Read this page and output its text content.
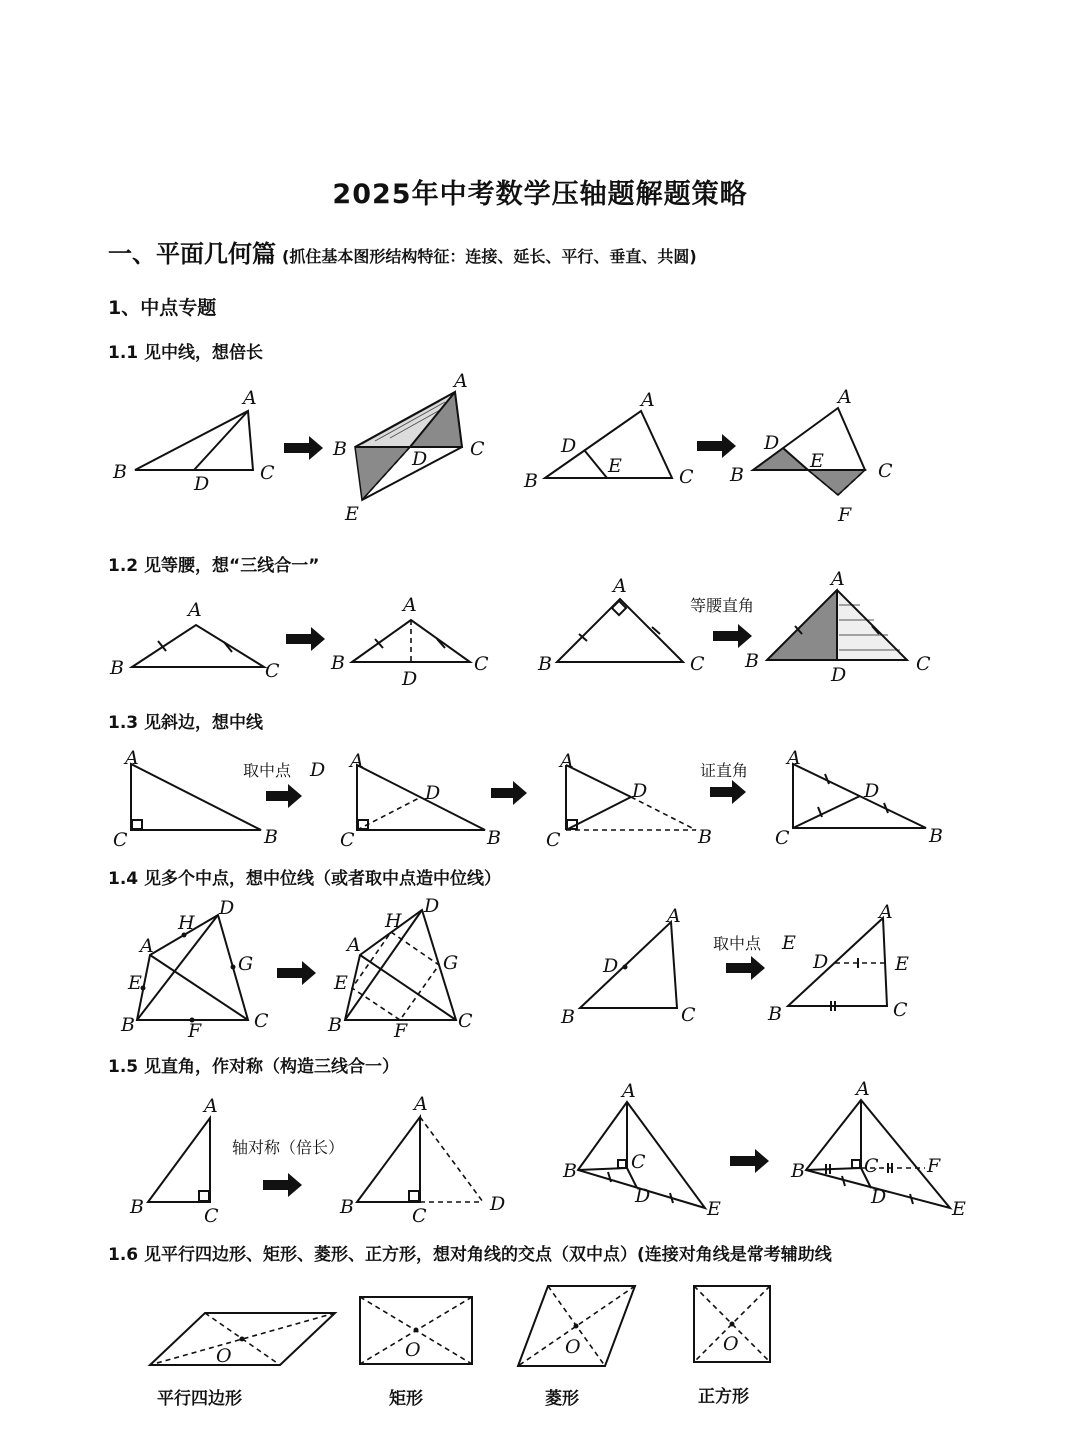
2025年中考数学压轴题解题策略
一、平面几何篇 (抓住基本图形结构特征：连接、延长、平行、垂直、共圆)
1、中点专题
1.1 见中线，想倍长
1.2 见等腰，想“三线合一”
1.3 见斜边，想中线
1.4 见多个中点，想中位线（或者取中点造中位线）
1.5 见直角，作对称（构造三线合一）
1.6 见平行四边形、矩形、菱形、正方形，想对角线的交点（双中点）(连接对角线是常考辅助线
A
B	C
D
A
B	C
D
E
A
B	C
D
E
A
B	C
D
E
F
A
B	C
A
B	C
D
A
B	C
等腰直角
A
B	C
D
A
C	B
取中点 D A
C	B
D
A
C	B
D
证直角
A
C	B
D
A
H
D
G
E
B	F	C
A
H
D
G
E
B	F	C
A
D
B	C
取中点 E
A
D	E
B	C
A
B	C
轴对称（倍长）
A
B	C
D
A
B	C
D
E
A
B	C	F
D
E
O	O	O	O
平行四边形	矩形	菱形	正方形
